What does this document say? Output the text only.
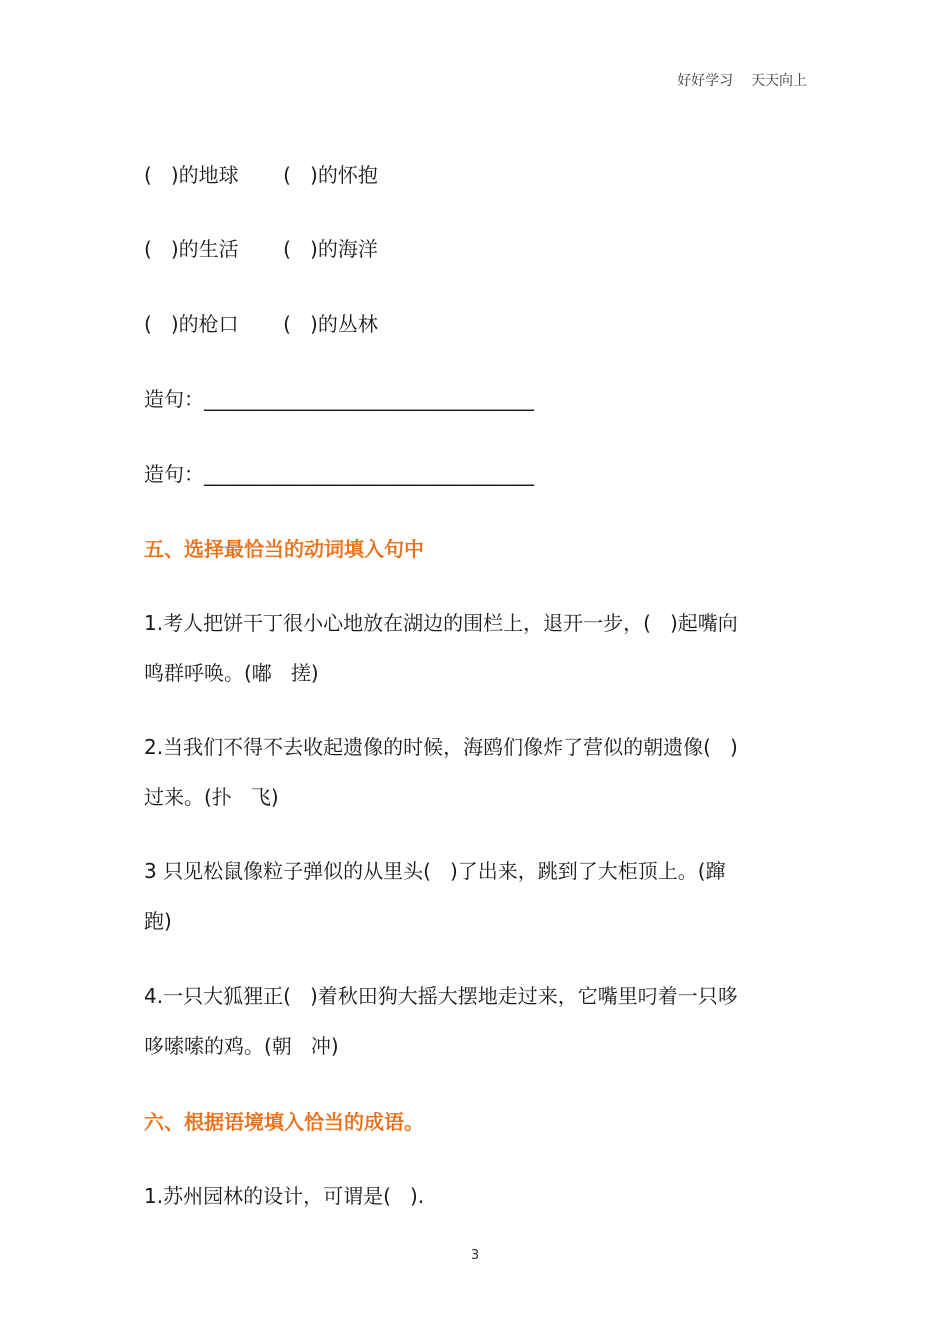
好好学习    天天向上
(   )的地球       (   )的怀抱
(   )的生活       (   )的海洋
(   )的枪口       (   )的丛林
造句：_________________________________
造句：_________________________________
五、选择最恰当的动词填入句中
1.考人把饼干丁很小心地放在湖边的围栏上，退开一步，(   )起嘴向
鸣群呼唤。(嘟   搓)
2.当我们不得不去收起遗像的时候，海鸥们像炸了营似的朝遗像(   )
过来。(扑   飞)
3 只见松鼠像粒子弹似的从里头(   )了出来，跳到了大柜顶上。(蹿
跑)
4.一只大狐狸正(   )着秋田狗大摇大摆地走过来，它嘴里叼着一只哆
哆嗦嗦的鸡。(朝   冲)
六、根据语境填入恰当的成语。
1.苏州园林的设计，可谓是(   ).
3
